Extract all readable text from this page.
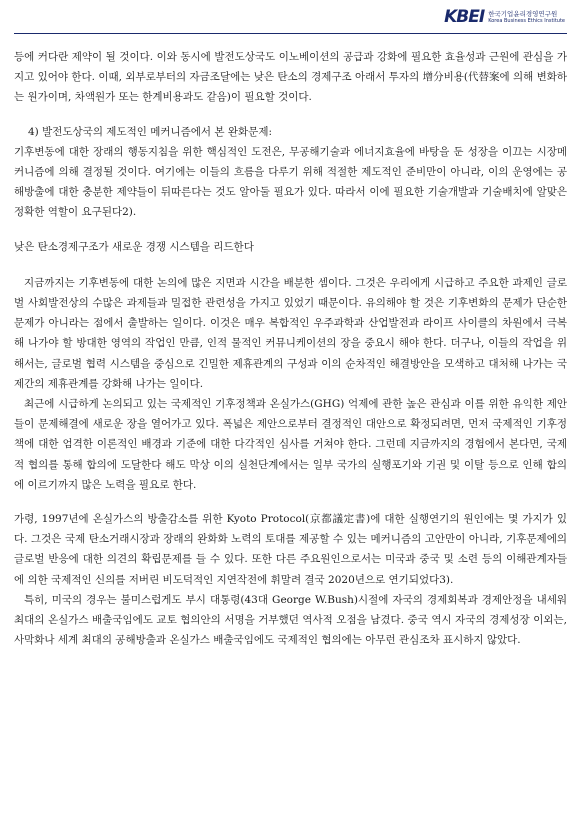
KBEI 한국기업윤리경영연구원
Korea Business Ethics Institute

등에 커다란 제약이 될 것이다. 이와 동시에 발전도상국도 이노베이션의 공급과 강화에 필요한 효율성과 근원에 관심을 가지고 있어야 한다. 이때, 외부로부터의 자금조달에는 낮은 탄소의 경제구조 아래서 투자의 增分비용(代替案에 의해 변화하는 원가이며, 차액원가 또는 한계비용과도 같음)이 필요할 것이다.

4) 발전도상국의 제도적인 메커니즘에서 본 완화문제:

기후변동에 대한 장래의 행동지침을 위한 핵심적인 도전은, 무공해기술과 에너지효율에 바탕을 둔 성장을 이끄는 시장메커니즘에 의해 결정될 것이다. 여기에는 이들의 흐름을 다루기 위해 적절한 제도적인 준비만이 아니라, 이의 운영에는 공해방출에 대한 충분한 제약들이 뒤따른다는 것도 알아둘 필요가 있다. 따라서 이에 필요한 기술개발과 기술배치에 알맞은 정확한 역할이 요구된다2).

낮은 탄소경제구조가 새로운 경쟁 시스템을 리드한다

지금까지는 기후변동에 대한 논의에 많은 지면과 시간을 배분한 셈이다. 그것은 우리에게 시급하고 주요한 과제인 글로벌 사회발전상의 수많은 과제들과 밀접한 관련성을 가지고 있었기 때문이다. 유의해야 할 것은 기후변화의 문제가 단순한 문제가 아니라는 점에서 출발하는 일이다. 이것은 매우 복합적인 우주과학과 산업발전과 라이프 사이클의 차원에서 극복해 나가야 할 방대한 영역의 작업인 만큼, 인적 물적인 커뮤니케이션의 장을 중요시 해야 한다. 더구나, 이들의 작업을 위해서는, 글로벌 협력 시스템을 중심으로 긴밀한 제휴관계의 구성과 이의 순차적인 해결방안을 모색하고 대처해 나가는 국제간의 제휴관계를 강화해 나가는 일이다.

최근에 시급하게 논의되고 있는 국제적인 기후정책과 온실가스(GHG) 억제에 관한 높은 관심과 이를 위한 유익한 제안들이 문제해결에 새로운 장을 열어가고 있다. 폭넓은 제안으로부터 결정적인 대안으로 확정되려면, 먼저 국제적인 기후정책에 대한 엄격한 이론적인 배경과 기준에 대한 다각적인 심사를 거쳐야 한다. 그런데 지금까지의 경험에서 본다면, 국제적 협의를 통해 합의에 도달한다 해도 막상 이의 실천단계에서는 일부 국가의 실행포기와 기권 및 이탈 등으로 인해 합의에 이르기까지 많은 노력을 필요로 한다.

가령, 1997년에 온실가스의 방출감소를 위한 Kyoto Protocol(京都議定書)에 대한 실행연기의 원인에는 몇 가지가 있다. 그것은 국제 탄소거래시장과 장래의 완화화 노력의 토대를 제공할 수 있는 메커니즘의 고안만이 아니라, 기후문제에의 글로벌 반응에 대한 의견의 확립문제를 들 수 있다. 또한 다른 주요원인으로서는 미국과 중국 및 소련 등의 이해관계자들에 의한 국제적인 신의를 저버린 비도덕적인 지연작전에 휘말려 결국 2020년으로 연기되었다3).

특히, 미국의 경우는 불미스럽게도 부시 대통령(43대 George W.Bush)시절에 자국의 경제회복과 경제안정을 내세워 최대의 온실가스 배출국임에도 교토 협의안의 서명을 거부했던 역사적 오점을 남겼다. 중국 역시 자국의 경제성장 이외는, 사막화나 세계 최대의 공해방출과 온실가스 배출국임에도 국제적인 협의에는 아무런 관심조차 표시하지 않았다.
